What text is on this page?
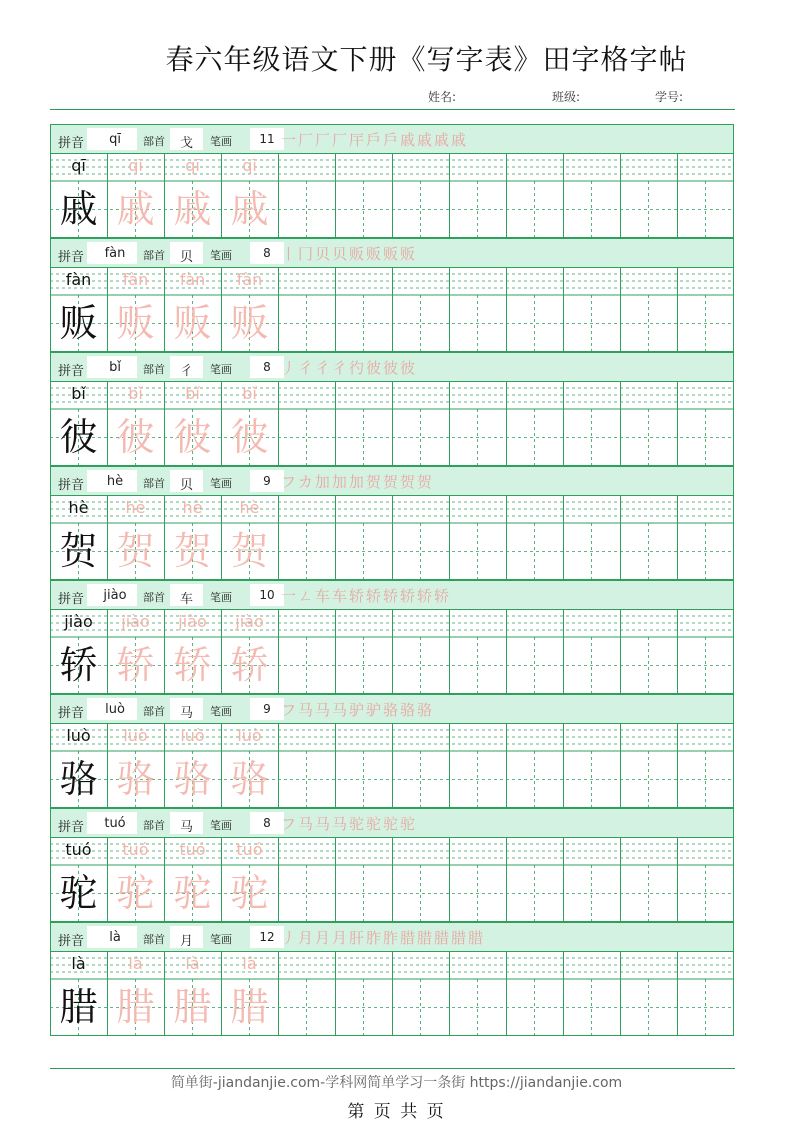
春六年级语文下册《写字表》田字格字帖
姓名:	班级:	学号:
拼音	qī	部首	戈	笔画	11 一厂厂厂厈戶戶戚戚戚戚
qī
戚
qī
戚
qī
戚
qī
戚
拼音	fàn	部首	贝	笔画	8 丨冂贝贝贩贩贩贩
fàn
贩
fàn
贩
fàn
贩
fàn
贩
拼音	bǐ	部首	彳	笔画	8 丿彳彳彳彴彼彼彼
bǐ
彼
bǐ
彼
bǐ
彼
bǐ
彼
拼音	hè	部首	贝	笔画	9 フカ加加加贺贺贺贺
hè
贺
hè
贺
hè
贺
hè
贺
拼音	jiào	部首	车	笔画	10 一ㄥ车车轿轿轿轿轿轿
jiào
轿
jiào
轿
jiào
轿
jiào
轿
拼音	luò	部首	马	笔画	9 フ马马马驴驴骆骆骆
luò
骆
luò
骆
luò
骆
luò
骆
拼音	tuó	部首	马	笔画	8 フ马马马驼驼驼驼
tuó
驼
tuó
驼
tuó
驼
tuó
驼
拼音	là	部首	月	笔画	12 丿月月月肝胙胙腊腊腊腊腊
là
腊
là
腊
là
腊
là
腊
简单街-jiandanjie.com-学科网简单学习一条街 https://jiandanjie.com
第 页 共 页
